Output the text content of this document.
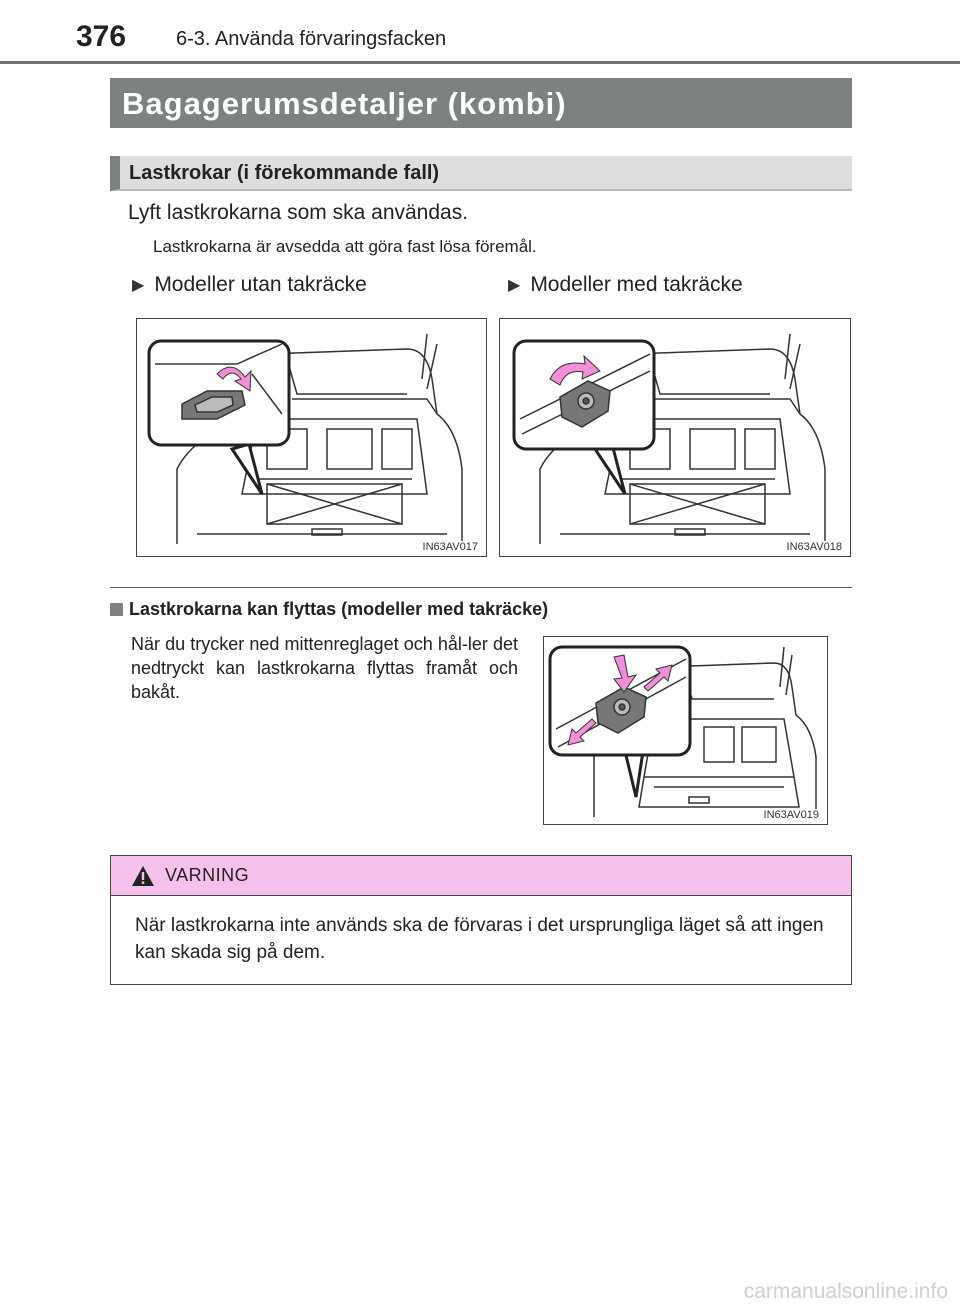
376 6-3. Använda förvaringsfacken
Bagagerumsdetaljer (kombi)
Lastkrokar (i förekommande fall)
Lyft lastkrokarna som ska användas.
Lastkrokarna är avsedda att göra fast lösa föremål.
▶ Modeller utan takräcke	▶ Modeller med takräcke
IN63AV017	IN63AV018
Lastkrokarna kan flyttas (modeller med takräcke)
När du trycker ned mittenreglaget och hål-ler det nedtryckt kan lastkrokarna flyttas framåt och bakåt.
IN63AV019
VARNING
När lastkrokarna inte används ska de förvaras i det ursprungliga läget så att ingen kan skada sig på dem.
carmanualsonline.info
